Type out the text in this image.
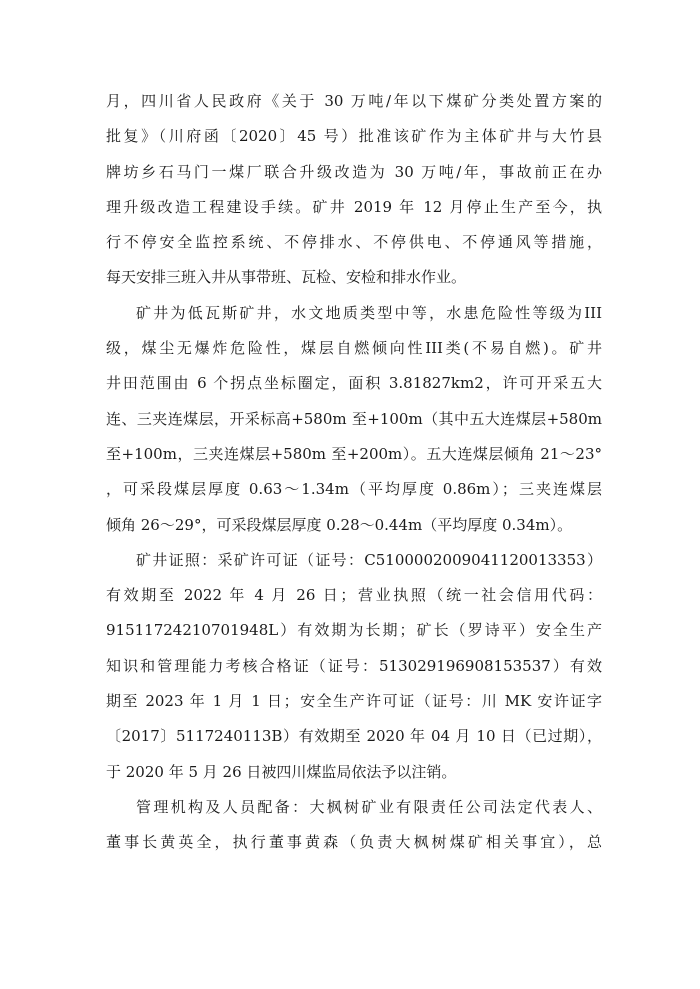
月，四川省人民政府《关于 30 万吨/年以下煤矿分类处置方案的
批复》（川府函〔2020〕45 号）批准该矿作为主体矿井与大竹县
牌坊乡石马门一煤厂联合升级改造为 30 万吨/年，事故前正在办
理升级改造工程建设手续。矿井 2019 年 12 月停止生产至今，执
行不停安全监控系统、不停排水、不停供电、不停通风等措施，
每天安排三班入井从事带班、瓦检、安检和排水作业。
矿井为低瓦斯矿井，水文地质类型中等，水患危险性等级为III
级，煤尘无爆炸危险性，煤层自燃倾向性III类(不易自燃)。矿井
井田范围由 6 个拐点坐标圈定，面积 3.81827km2，许可开采五大
连、三夹连煤层，开采标高+580m 至+100m（其中五大连煤层+580m
至+100m，三夹连煤层+580m 至+200m）。五大连煤层倾角 21～23°
，可采段煤层厚度 0.63～1.34m（平均厚度 0.86m）；三夹连煤层
倾角 26～29°，可采段煤层厚度 0.28～0.44m（平均厚度 0.34m）。
矿井证照：采矿许可证（证号：C5100002009041120013353）
有效期至 2022 年 4 月 26 日；营业执照（统一社会信用代码：
91511724210701948L）有效期为长期；矿长（罗诗平）安全生产
知识和管理能力考核合格证（证号：513029196908153537）有效
期至 2023 年 1 月 1 日；安全生产许可证（证号：川 MK 安许证字
〔2017〕5117240113B）有效期至 2020 年 04 月 10 日（已过期），
于 2020 年 5 月 26 日被四川煤监局依法予以注销。
管理机构及人员配备：大枫树矿业有限责任公司法定代表人、
董事长黄英全，执行董事黄森（负责大枫树煤矿相关事宜），总
